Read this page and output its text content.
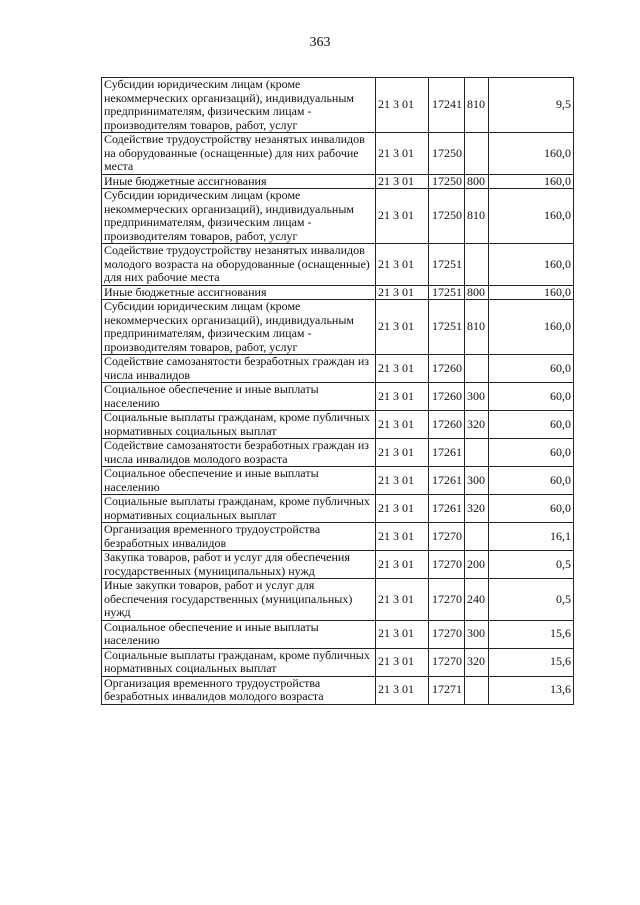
363
Субсидии юридическим лицам (кроме некоммерческих организаций), индивидуальным предпринимателям, физическим лицам - производителям товаров, работ, услуг	21 3 01	17241	810	9,5
Содействие трудоустройству незанятых инвалидов на оборудованные (оснащенные) для них рабочие места	21 3 01	17250		160,0
Иные бюджетные ассигнования	21 3 01	17250	800	160,0
Субсидии юридическим лицам (кроме некоммерческих организаций), индивидуальным предпринимателям, физическим лицам - производителям товаров, работ, услуг	21 3 01	17250	810	160,0
Содействие трудоустройству незанятых инвалидов молодого возраста на оборудованные (оснащенные) для них рабочие места	21 3 01	17251		160,0
Иные бюджетные ассигнования	21 3 01	17251	800	160,0
Субсидии юридическим лицам (кроме некоммерческих организаций), индивидуальным предпринимателям, физическим лицам - производителям товаров, работ, услуг	21 3 01	17251	810	160,0
Содействие самозанятости безработных граждан из числа инвалидов	21 3 01	17260		60,0
Социальное обеспечение и иные выплаты населению	21 3 01	17260	300	60,0
Социальные выплаты гражданам, кроме публичных нормативных социальных выплат	21 3 01	17260	320	60,0
Содействие самозанятости безработных граждан из числа инвалидов молодого возраста	21 3 01	17261		60,0
Социальное обеспечение и иные выплаты населению	21 3 01	17261	300	60,0
Социальные выплаты гражданам, кроме публичных нормативных социальных выплат	21 3 01	17261	320	60,0
Организация временного трудоустройства безработных инвалидов	21 3 01	17270		16,1
Закупка товаров, работ и услуг для обеспечения государственных (муниципальных) нужд	21 3 01	17270	200	0,5
Иные закупки товаров, работ и услуг для обеспечения государственных (муниципальных) нужд	21 3 01	17270	240	0,5
Социальное обеспечение и иные выплаты населению	21 3 01	17270	300	15,6
Социальные выплаты гражданам, кроме публичных нормативных социальных выплат	21 3 01	17270	320	15,6
Организация временного трудоустройства безработных инвалидов молодого возраста	21 3 01	17271		13,6
